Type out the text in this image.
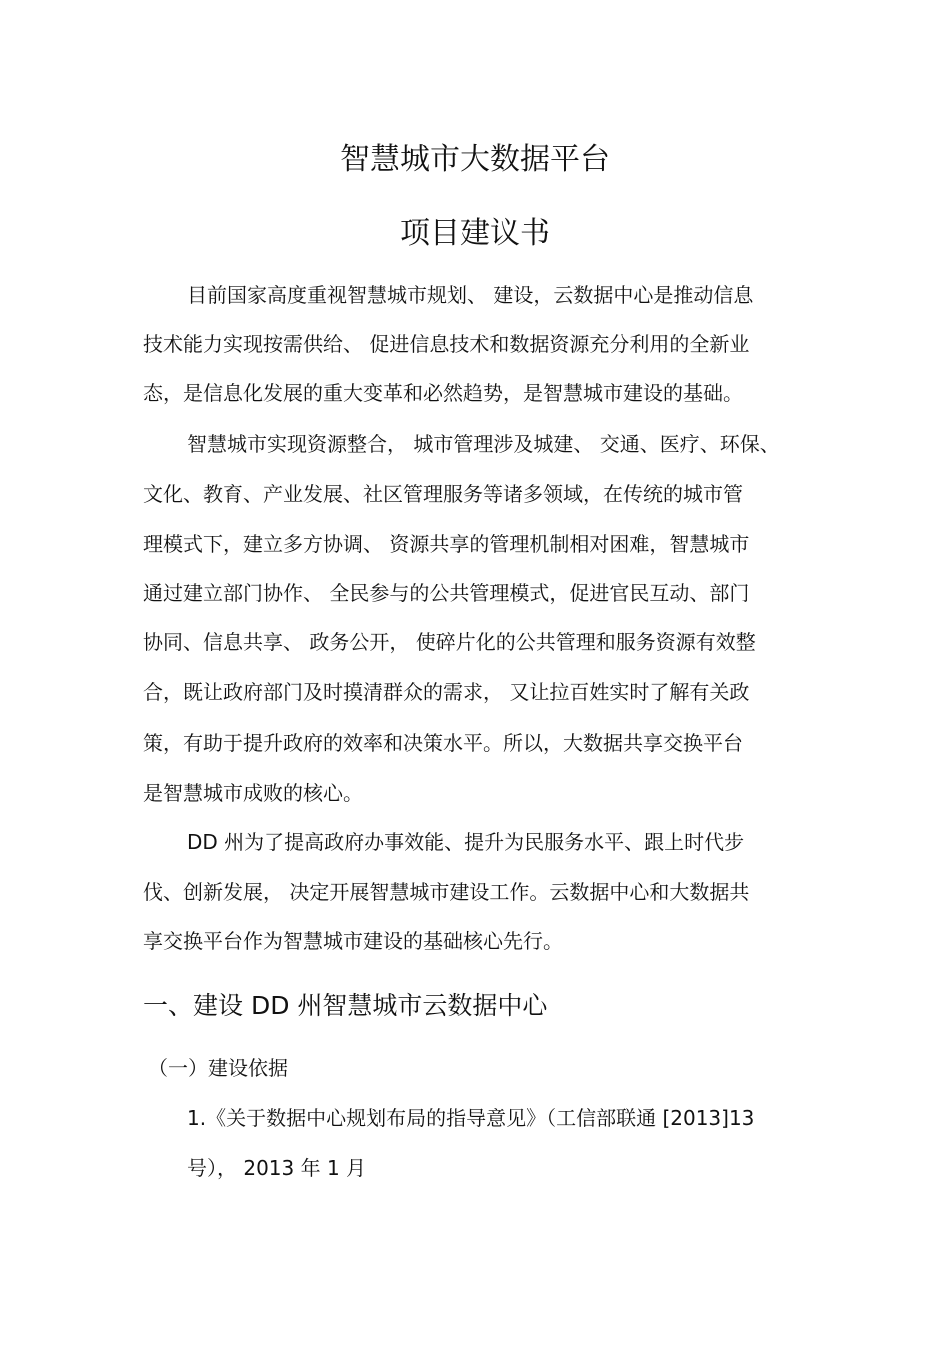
智慧城市大数据平台
项目建议书
目前国家高度重视智慧城市规划、 建设，云数据中心是推动信息
技术能力实现按需供给、 促进信息技术和数据资源充分利用的全新业
态，是信息化发展的重大变革和必然趋势，是智慧城市建设的基础。
智慧城市实现资源整合， 城市管理涉及城建、 交通、医疗、环保、
文化、教育、产业发展、社区管理服务等诸多领域，在传统的城市管
理模式下，建立多方协调、 资源共享的管理机制相对困难，智慧城市
通过建立部门协作、 全民参与的公共管理模式，促进官民互动、部门
协同、信息共享、 政务公开， 使碎片化的公共管理和服务资源有效整
合，既让政府部门及时摸清群众的需求， 又让拉百姓实时了解有关政
策，有助于提升政府的效率和决策水平。所以，大数据共享交换平台
是智慧城市成败的核心。
DD 州为了提高政府办事效能、提升为民服务水平、跟上时代步
伐、创新发展， 决定开展智慧城市建设工作。云数据中心和大数据共
享交换平台作为智慧城市建设的基础核心先行。
一、建设 DD 州智慧城市云数据中心
（一）建设依据
1.《关于数据中心规划布局的指导意见》（工信部联通 [2013]13
号）， 2013 年 1 月
